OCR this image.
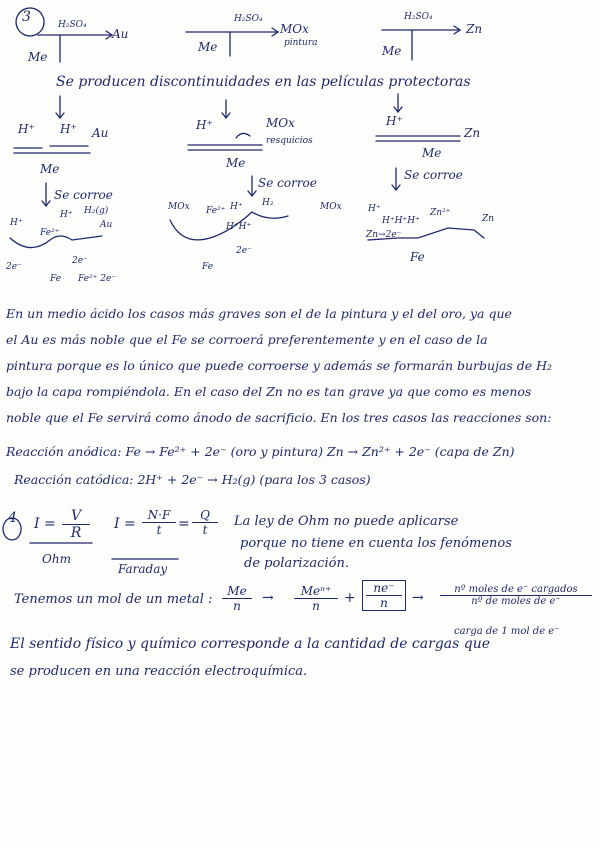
3	H₂SO₄
Au
Me
H₂SO₄
MOx
pintura
Me
H₂SO₄
Zn
Me
Se producen discontinuidades en las películas protectoras
H⁺ H⁺ Au
Me
H⁺	MOx
resquicios
Me
H⁺
Zn
Me
Se corroe
Se corroe
Se corroe
H⁺
H⁺ H₂(g)
Fe²⁺
Au
2e⁻
2e⁻
Fe Fe²⁺ 2e⁻
MOx Fe²⁺ H⁺ H₂	MOx
H⁺H⁺
Fe
2e⁻
H⁺
H⁺H⁺H⁺
Zn²⁺
Zn
Zn→2e⁻
Fe
En un medio ácido los casos más graves son el de la pintura y el del oro, ya que
el Au es más noble que el Fe se corroerá preferentemente y en el caso de la
pintura porque es lo único que puede corroerse y además se formarán burbujas de H₂
bajo la capa rompiéndola. En el caso del Zn no es tan grave ya que como es menos
noble que el Fe servirá como ánodo de sacrificio. En los tres casos las reacciones son:
Reacción anódica: Fe → Fe²⁺ + 2e⁻ (oro y pintura) Zn → Zn²⁺ + 2e⁻ (capa de Zn)
Reacción catódica: 2H⁺ + 2e⁻ → H₂(g) (para los 3 casos)
4 $I = \frac{V}{R}$
Ohm
$I = \frac{N\cdot F}{t} = \frac{Q}{t}$
Faraday
La ley de Ohm no puede aplicarse
porque no tiene en cuenta los fenómenos
de polarización.
Tenemos un mol de un metal : $\frac{Me}{n}$ →	Meⁿ⁺
n	+ $\frac{ne^-}{n}$ →
nº moles de e⁻ cargados
nº de moles de e⁻
carga de 1 mol de e⁻
El sentido físico y químico corresponde a la cantidad de cargas que
se producen en una reacción electroquímica.
